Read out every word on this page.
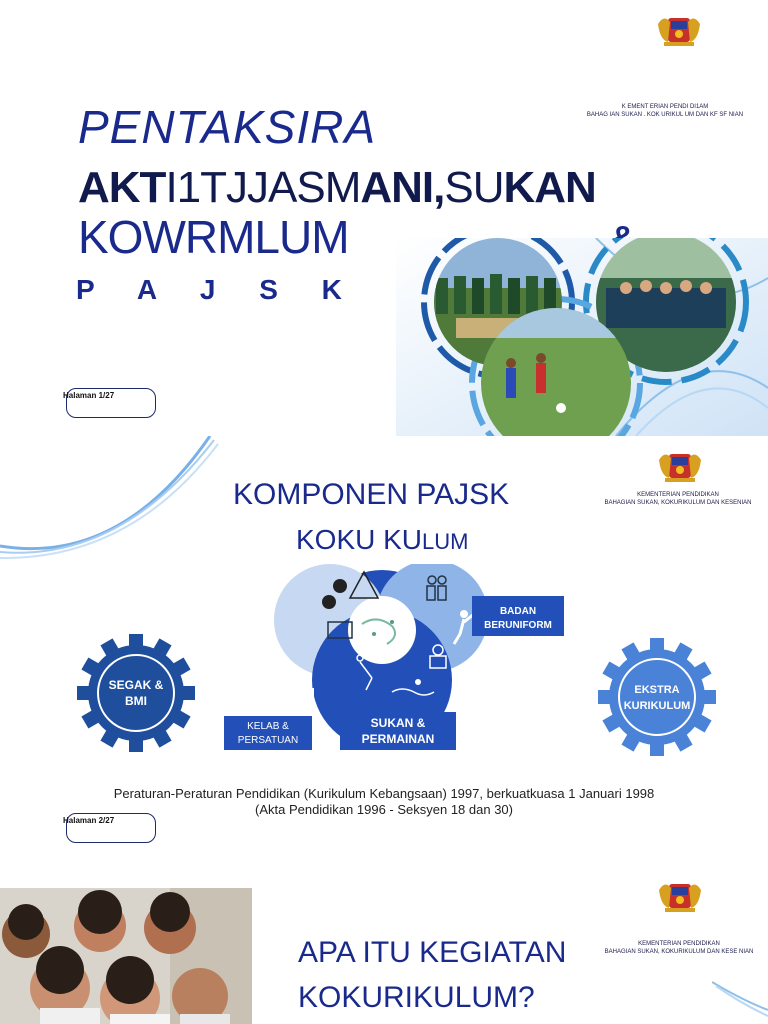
K EMENT ERIAN PENDI DI1AM
BAHAG IAN SUKAN . KOK URIKUL UM DAN KF SF NIAN
PENTAKSIRA
AKTI1TJJASMANI,SUKAN
KOWRMLUM
P A J S K
Halaman 1/27
KEMENTERIAN PENDIDIKAN
BAHAGIAN SUKAN, KOKURIKULUM DAN KESENIAN
KOMPONEN PAJSK
KOKU KULUM
SEGAK &
BMI
EKSTRA
KURIKULUM
BADAN
BERUNIFORM
KELAB &
PERSATUAN
SUKAN &
PERMAINAN
Peraturan-Peraturan Pendidikan (Kurikulum Kebangsaan) 1997, berkuatkuasa 1 Januari 1998
(Akta Pendidikan 1996 - Seksyen 18 dan 30)
Halaman 2/27
KEMENTERIAN PENDIDIKAN
BAHAGIAN SUKAN, KOKURIKULUM DAN KESE NIAN
APA ITU KEGIATAN
KOKURIKULUM?
